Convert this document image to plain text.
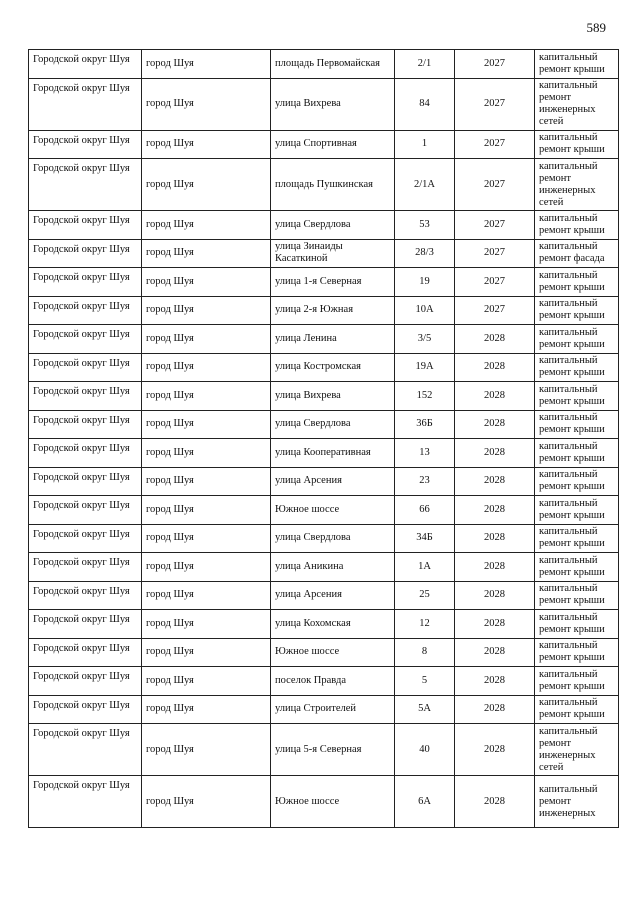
589
Городской округ Шуя	город Шуя	площадь Первомайская	2/1	2027	капитальный ремонт крыши
Городской округ Шуя	город Шуя	улица Вихрева	84	2027	капитальный ремонт инженерных сетей
Городской округ Шуя	город Шуя	улица Спортивная	1	2027	капитальный ремонт крыши
Городской округ Шуя	город Шуя	площадь Пушкинская	2/1А	2027	капитальный ремонт инженерных сетей
Городской округ Шуя	город Шуя	улица Свердлова	53	2027	капитальный ремонт крыши
Городской округ Шуя	город Шуя	улица Зинаиды Касаткиной	28/3	2027	капитальный ремонт фасада
Городской округ Шуя	город Шуя	улица 1-я Северная	19	2027	капитальный ремонт крыши
Городской округ Шуя	город Шуя	улица 2-я Южная	10А	2027	капитальный ремонт крыши
Городской округ Шуя	город Шуя	улица Ленина	3/5	2028	капитальный ремонт крыши
Городской округ Шуя	город Шуя	улица Костромская	19А	2028	капитальный ремонт крыши
Городской округ Шуя	город Шуя	улица Вихрева	152	2028	капитальный ремонт крыши
Городской округ Шуя	город Шуя	улица Свердлова	36Б	2028	капитальный ремонт крыши
Городской округ Шуя	город Шуя	улица Кооперативная	13	2028	капитальный ремонт крыши
Городской округ Шуя	город Шуя	улица Арсения	23	2028	капитальный ремонт крыши
Городской округ Шуя	город Шуя	Южное шоссе	66	2028	капитальный ремонт крыши
Городской округ Шуя	город Шуя	улица Свердлова	34Б	2028	капитальный ремонт крыши
Городской округ Шуя	город Шуя	улица Аникина	1А	2028	капитальный ремонт крыши
Городской округ Шуя	город Шуя	улица Арсения	25	2028	капитальный ремонт крыши
Городской округ Шуя	город Шуя	улица Кохомская	12	2028	капитальный ремонт крыши
Городской округ Шуя	город Шуя	Южное шоссе	8	2028	капитальный ремонт крыши
Городской округ Шуя	город Шуя	поселок Правда	5	2028	капитальный ремонт крыши
Городской округ Шуя	город Шуя	улица Строителей	5А	2028	капитальный ремонт крыши
Городской округ Шуя	город Шуя	улица 5-я Северная	40	2028	капитальный ремонт инженерных сетей
Городской округ Шуя	город Шуя	Южное шоссе	6А	2028	капитальный ремонт инженерных
